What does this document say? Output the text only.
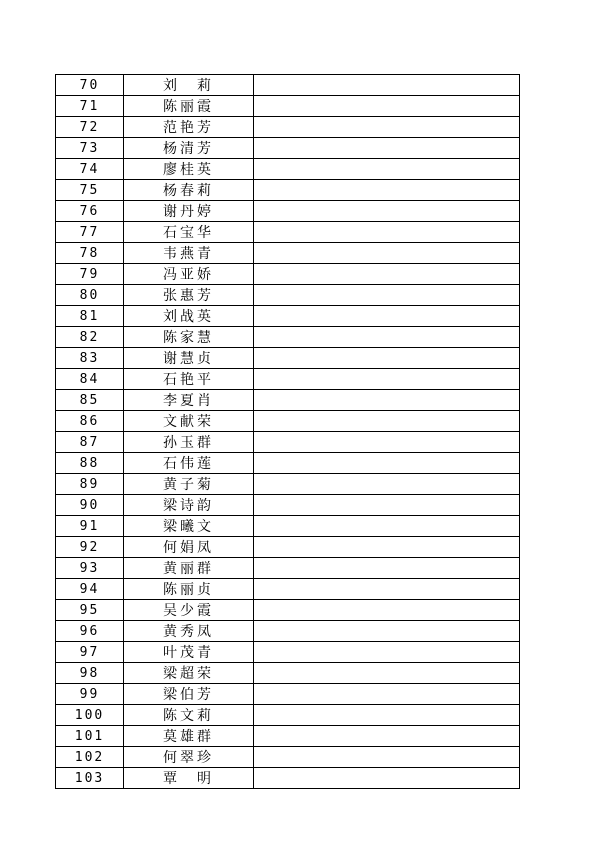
70	刘　莉	
71	陈丽霞	
72	范艳芳	
73	杨清芳	
74	廖桂英	
75	杨春莉	
76	谢丹婷	
77	石宝华	
78	韦燕青	
79	冯亚娇	
80	张惠芳	
81	刘战英	
82	陈家慧	
83	谢慧贞	
84	石艳平	
85	李夏肖	
86	文献荣	
87	孙玉群	
88	石伟莲	
89	黄子菊	
90	梁诗韵	
91	梁曦文	
92	何娟凤	
93	黄丽群	
94	陈丽贞	
95	吴少霞	
96	黄秀凤	
97	叶茂青	
98	梁超荣	
99	梁伯芳	
100	陈文莉	
101	莫雄群	
102	何翠珍	
103	覃　明	
